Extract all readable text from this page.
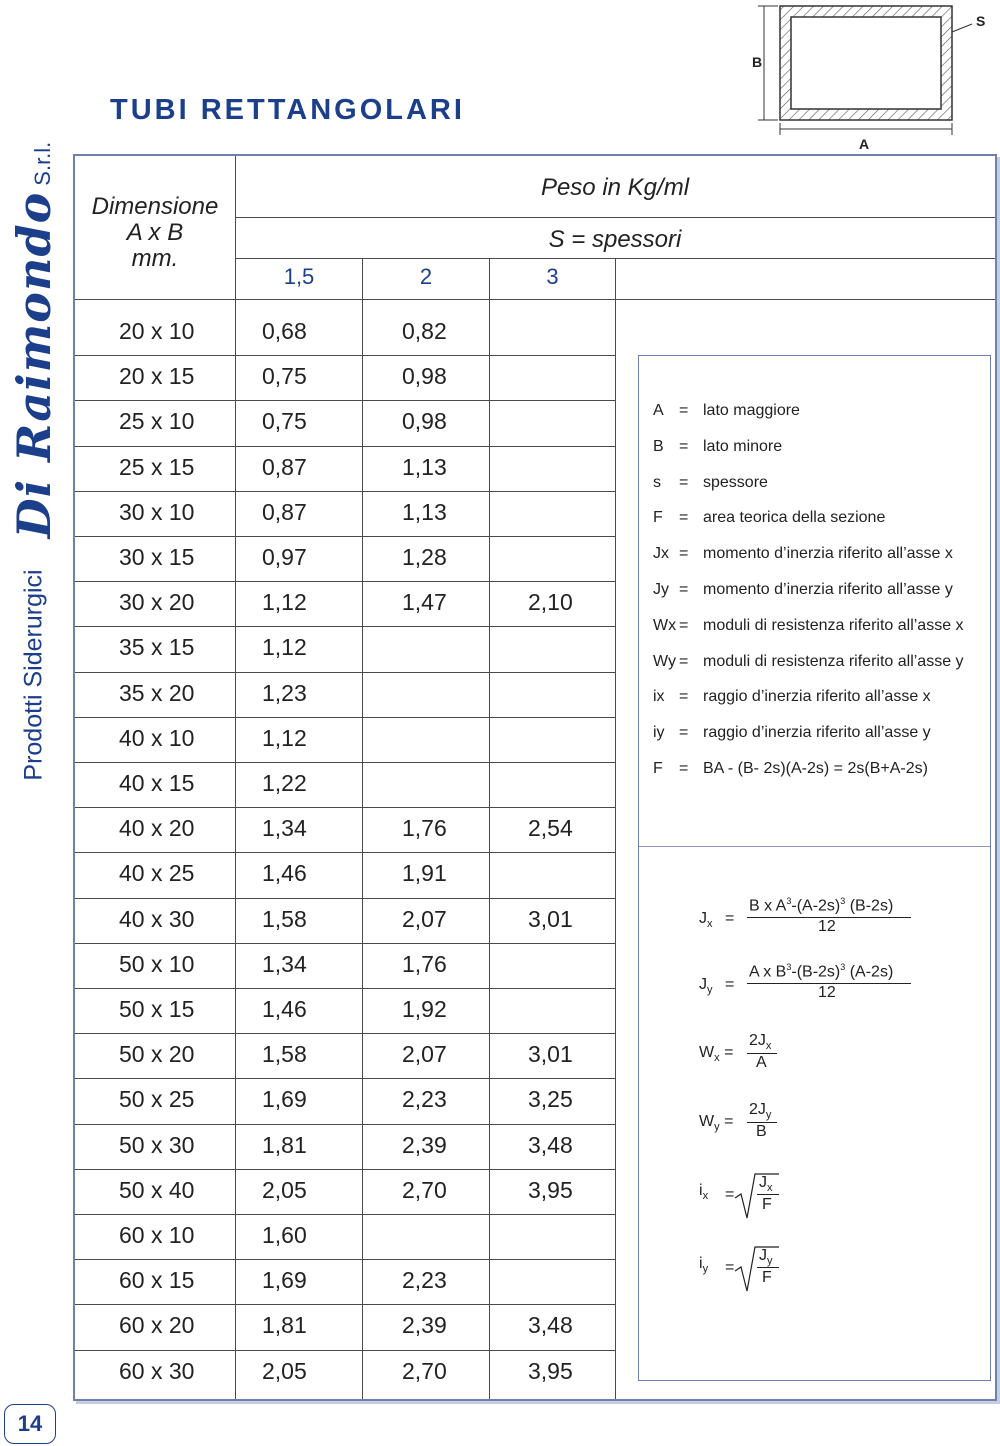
Di RaimondoS.r.l.
Prodotti Siderurgici
TUBI RETTANGOLARI
B
A
S
Dimensione
A x B
mm.
Peso in Kg/ml
S = spessori
1,5	2	3
20 x 10	0,68	0,82
20 x 15	0,75	0,98
25 x 10	0,75	0,98
25 x 15	0,87	1,13
30 x 10	0,87	1,13
30 x 15	0,97	1,28
30 x 20	1,12	1,47	2,10
35 x 15	1,12
35 x 20	1,23
40 x 10	1,12
40 x 15	1,22
40 x 20	1,34	1,76	2,54
40 x 25	1,46	1,91
40 x 30	1,58	2,07	3,01
50 x 10	1,34	1,76
50 x 15	1,46	1,92
50 x 20	1,58	2,07	3,01
50 x 25	1,69	2,23	3,25
50 x 30	1,81	2,39	3,48
50 x 40	2,05	2,70	3,95
60 x 10	1,60
60 x 15	1,69	2,23
60 x 20	1,81	2,39	3,48
60 x 30	2,05	2,70	3,95
A = lato maggiore
B = lato minore
s = spessore
F = area teorica della sezione
Jx = momento d’inerzia riferito all’asse x
Jy = momento d’inerzia riferito all’asse y
Wx = moduli di resistenza riferito all’asse x
Wy = moduli di resistenza riferito all’asse y
ix = raggio d’inerzia riferito all’asse x
iy = raggio d’inerzia riferito all’asse y
F = BA - (B- 2s)(A-2s) = 2s(B+A-2s)
$J_x$ =
B x $A^3-(A-2s)^3$ (B-2s)
12
$J_y$ =
A x $B^3-(B-2s)^3$ (A-2s)
12
$W_x$ =
$2J_x$
A
$W_y$ =
$2J_y$
B
$i_x$ =
$J_x$
F
$i_y$ =
$J_y$
F
14
